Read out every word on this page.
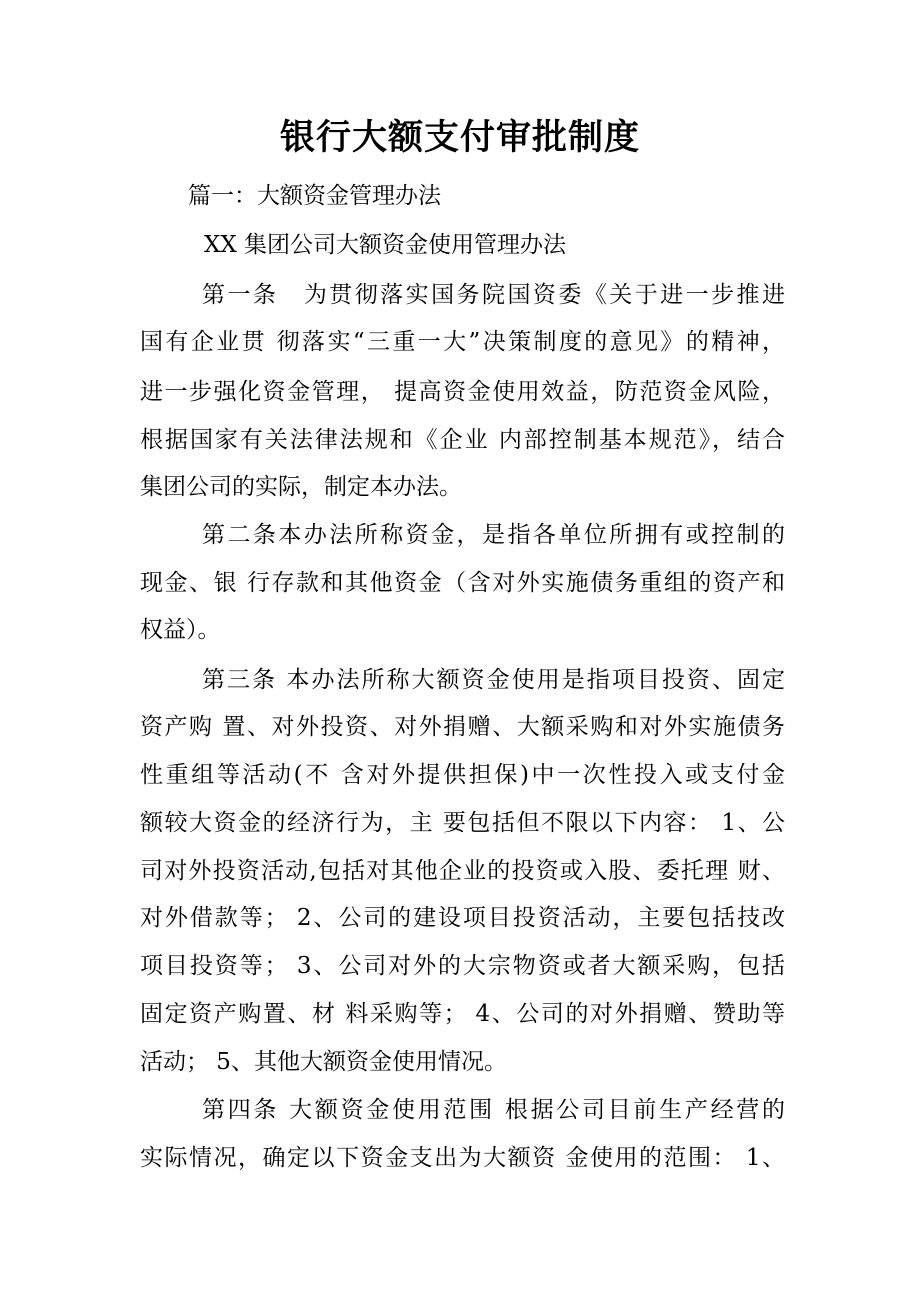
银行大额支付审批制度
篇一：大额资金管理办法
XX 集团公司大额资金使用管理办法
第一条　为贯彻落实国务院国资委《关于进一步推进
国有企业贯 彻落实“三重一大”决策制度的意见》的精神，
进一步强化资金管理， 提高资金使用效益，防范资金风险，
根据国家有关法律法规和《企业 内部控制基本规范》，结合
集团公司的实际，制定本办法。
第二条本办法所称资金，是指各单位所拥有或控制的
现金、银 行存款和其他资金（含对外实施债务重组的资产和
权益）。
第三条 本办法所称大额资金使用是指项目投资、固定
资产购 置、对外投资、对外捐赠、大额采购和对外实施债务
性重组等活动(不 含对外提供担保)中一次性投入或支付金
额较大资金的经济行为，主 要包括但不限以下内容： 1、公
司对外投资活动,包括对其他企业的投资或入股、委托理 财、
对外借款等； 2、公司的建设项目投资活动，主要包括技改
项目投资等； 3、公司对外的大宗物资或者大额采购，包括
固定资产购置、材 料采购等； 4、公司的对外捐赠、赞助等
活动； 5、其他大额资金使用情况。
第四条 大额资金使用范围 根据公司目前生产经营的
实际情况，确定以下资金支出为大额资 金使用的范围： 1、
